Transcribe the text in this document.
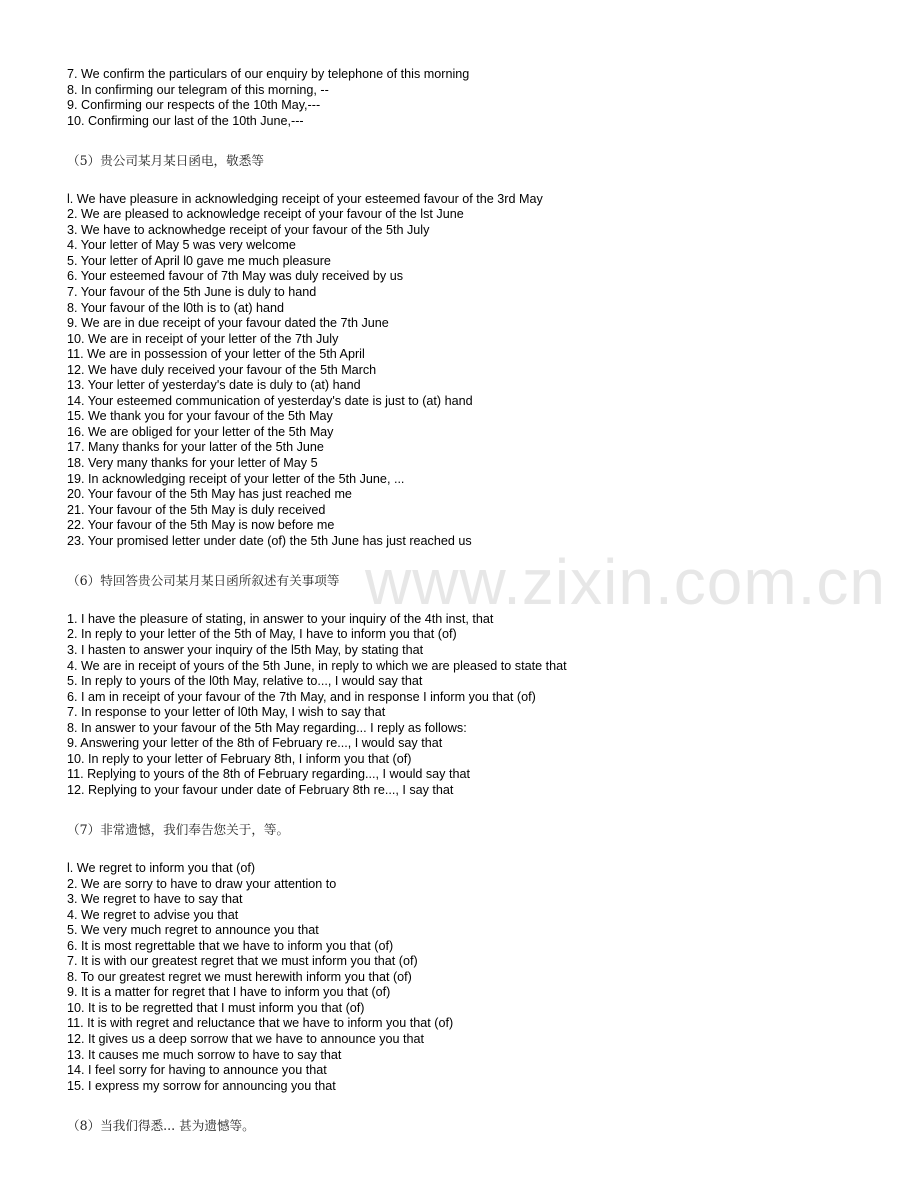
7. We confirm the particulars of our enquiry by telephone of this morning
8. In confirming our telegram of this morning, --
9. Confirming our respects of the 10th May,---
10. Confirming our last of the 10th June,---
（5）贵公司某月某日函电，敬悉等
l. We have pleasure in acknowledging receipt of your esteemed favour of the 3rd May
2. We are pleased to acknowledge receipt of your favour of the lst June
3. We have to acknowhedge receipt of your favour of the 5th July
4. Your letter of May 5 was very welcome
5. Your letter of April l0 gave me much pleasure
6. Your esteemed favour of 7th May was duly received by us
7. Your favour of the 5th June is duly to hand
8. Your favour of the l0th is to (at) hand
9. We are in due receipt of your favour dated the 7th June
10. We are in receipt of your letter of the 7th July
11. We are in possession of your letter of the 5th April
12. We have duly received your favour of the 5th March
13. Your letter of yesterday's date is duly to (at) hand
14. Your esteemed communication of yesterday's date is just to (at) hand
15. We thank you for your favour of the 5th May
16. We are obliged for your letter of the 5th May
17. Many thanks for your latter of the 5th June
18. Very many thanks for your letter of May 5
19. In acknowledging receipt of your letter of the 5th June, ...
20. Your favour of the 5th May has just reached me
21. Your favour of the 5th May is duly received
22. Your favour of the 5th May is now before me
23. Your promised letter under date (of) the 5th June has just reached us
（6）特回答贵公司某月某日函所叙述有关事项等
1. I have the pleasure of stating, in answer to your inquiry of the 4th inst, that
2. In reply to your letter of the 5th of May, I have to inform you that (of)
3. I hasten to answer your inquiry of the l5th May, by stating that
4. We are in receipt of yours of the 5th June, in reply to which we are pleased to state that
5. In reply to yours of the l0th May, relative to..., I would say that
6. I am in receipt of your favour of the 7th May, and in response I inform you that (of)
7. In response to your letter of l0th May, I wish to say that
8. In answer to your favour of the 5th May regarding... I reply as follows:
9. Answering your letter of the 8th of February re..., I would say that
10. In reply to your letter of February 8th, I inform you that (of)
11. Replying to yours of the 8th of February regarding..., I would say that
12. Replying to your favour under date of February 8th re..., I say that
（7）非常遗憾，我们奉告您关于，等。
l. We regret to inform you that (of)
2. We are sorry to have to draw your attention to
3. We regret to have to say that
4. We regret to advise you that
5. We very much regret to announce you that
6. It is most regrettable that we have to inform you that (of)
7. It is with our greatest regret that we must inform you that (of)
8. To our greatest regret we must herewith inform you that (of)
9. It is a matter for regret that I have to inform you that (of)
10. It is to be regretted that I must inform you that (of)
11. It is with regret and reluctance that we have to inform you that (of)
12. It gives us a deep sorrow that we have to announce you that
13. It causes me much sorrow to have to say that
14. I feel sorry for having to announce you that
15. I express my sorrow for announcing you that
（8）当我们得悉... 甚为遗憾等。
www.zixin.com.cn
